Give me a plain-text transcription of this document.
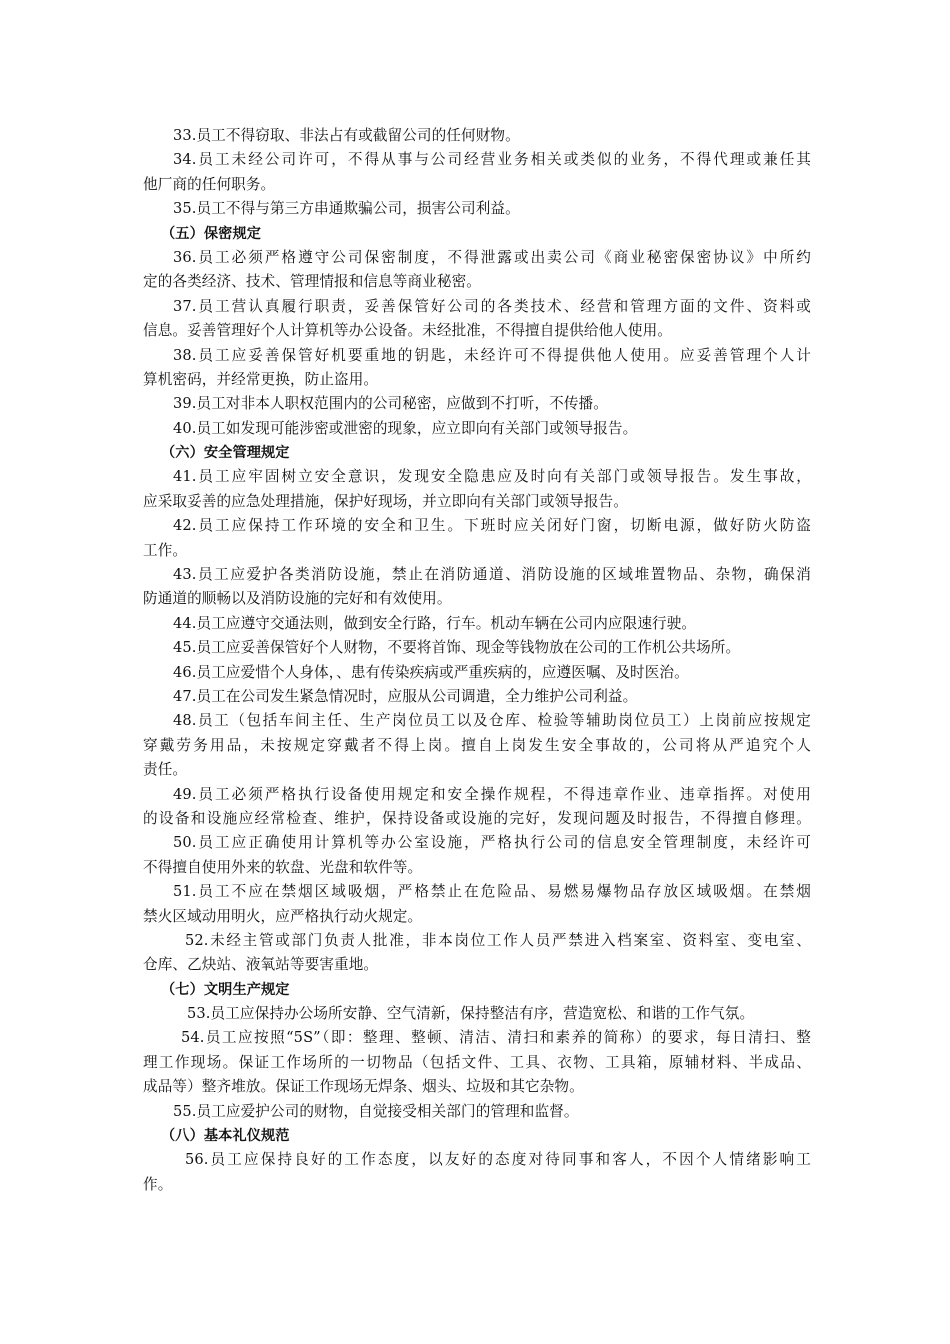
33.员工不得窃取、非法占有或截留公司的任何财物。
34.员工未经公司许可，不得从事与公司经营业务相关或类似的业务，不得代理或兼任其
他厂商的任何职务。
35.员工不得与第三方串通欺骗公司，损害公司利益。
（五）保密规定
36.员工必须严格遵守公司保密制度，不得泄露或出卖公司《商业秘密保密协议》中所约
定的各类经济、技术、管理情报和信息等商业秘密。
37.员工营认真履行职责，妥善保管好公司的各类技术、经营和管理方面的文件、资料或
信息。妥善管理好个人计算机等办公设备。未经批准，不得擅自提供给他人使用。
38.员工应妥善保管好机要重地的钥匙，未经许可不得提供他人使用。应妥善管理个人计
算机密码，并经常更换，防止盗用。
39.员工对非本人职权范围内的公司秘密，应做到不打听，不传播。
40.员工如发现可能涉密或泄密的现象，应立即向有关部门或领导报告。
（六）安全管理规定
41.员工应牢固树立安全意识，发现安全隐患应及时向有关部门或领导报告。发生事故，
应采取妥善的应急处理措施，保护好现场，并立即向有关部门或领导报告。
42.员工应保持工作环境的安全和卫生。下班时应关闭好门窗，切断电源，做好防火防盗
工作。
43.员工应爱护各类消防设施，禁止在消防通道、消防设施的区域堆置物品、杂物，确保消
防通道的顺畅以及消防设施的完好和有效使用。
44.员工应遵守交通法则，做到安全行路，行车。机动车辆在公司内应限速行驶。
45.员工应妥善保管好个人财物，不要将首饰、现金等钱物放在公司的工作机公共场所。
46.员工应爱惜个人身体，、患有传染疾病或严重疾病的，应遵医嘱、及时医治。
47.员工在公司发生紧急情况时，应服从公司调遣，全力维护公司利益。
48.员工（包括车间主任、生产岗位员工以及仓库、检验等辅助岗位员工）上岗前应按规定
穿戴劳务用品，未按规定穿戴者不得上岗。擅自上岗发生安全事故的，公司将从严追究个人
责任。
49.员工必须严格执行设备使用规定和安全操作规程，不得违章作业、违章指挥。对使用
的设备和设施应经常检查、维护，保持设备或设施的完好，发现问题及时报告，不得擅自修理。
50.员工应正确使用计算机等办公室设施，严格执行公司的信息安全管理制度，未经许可
不得擅自使用外来的软盘、光盘和软件等。
51.员工不应在禁烟区域吸烟，严格禁止在危险品、易燃易爆物品存放区域吸烟。在禁烟
禁火区域动用明火，应严格执行动火规定。
52.未经主管或部门负责人批准，非本岗位工作人员严禁进入档案室、资料室、变电室、
仓库、乙炔站、液氧站等要害重地。
（七）文明生产规定
53.员工应保持办公场所安静、空气清新，保持整洁有序，营造宽松、和谐的工作气氛。
54.员工应按照“5S”（即：整理、整顿、清洁、清扫和素养的简称）的要求，每日清扫、整
理工作现场。保证工作场所的一切物品（包括文件、工具、衣物、工具箱，原辅材料、半成品、
成品等）整齐堆放。保证工作现场无焊条、烟头、垃圾和其它杂物。
55.员工应爱护公司的财物，自觉接受相关部门的管理和监督。
（八）基本礼仪规范
56.员工应保持良好的工作态度，以友好的态度对待同事和客人，不因个人情绪影响工
作。
